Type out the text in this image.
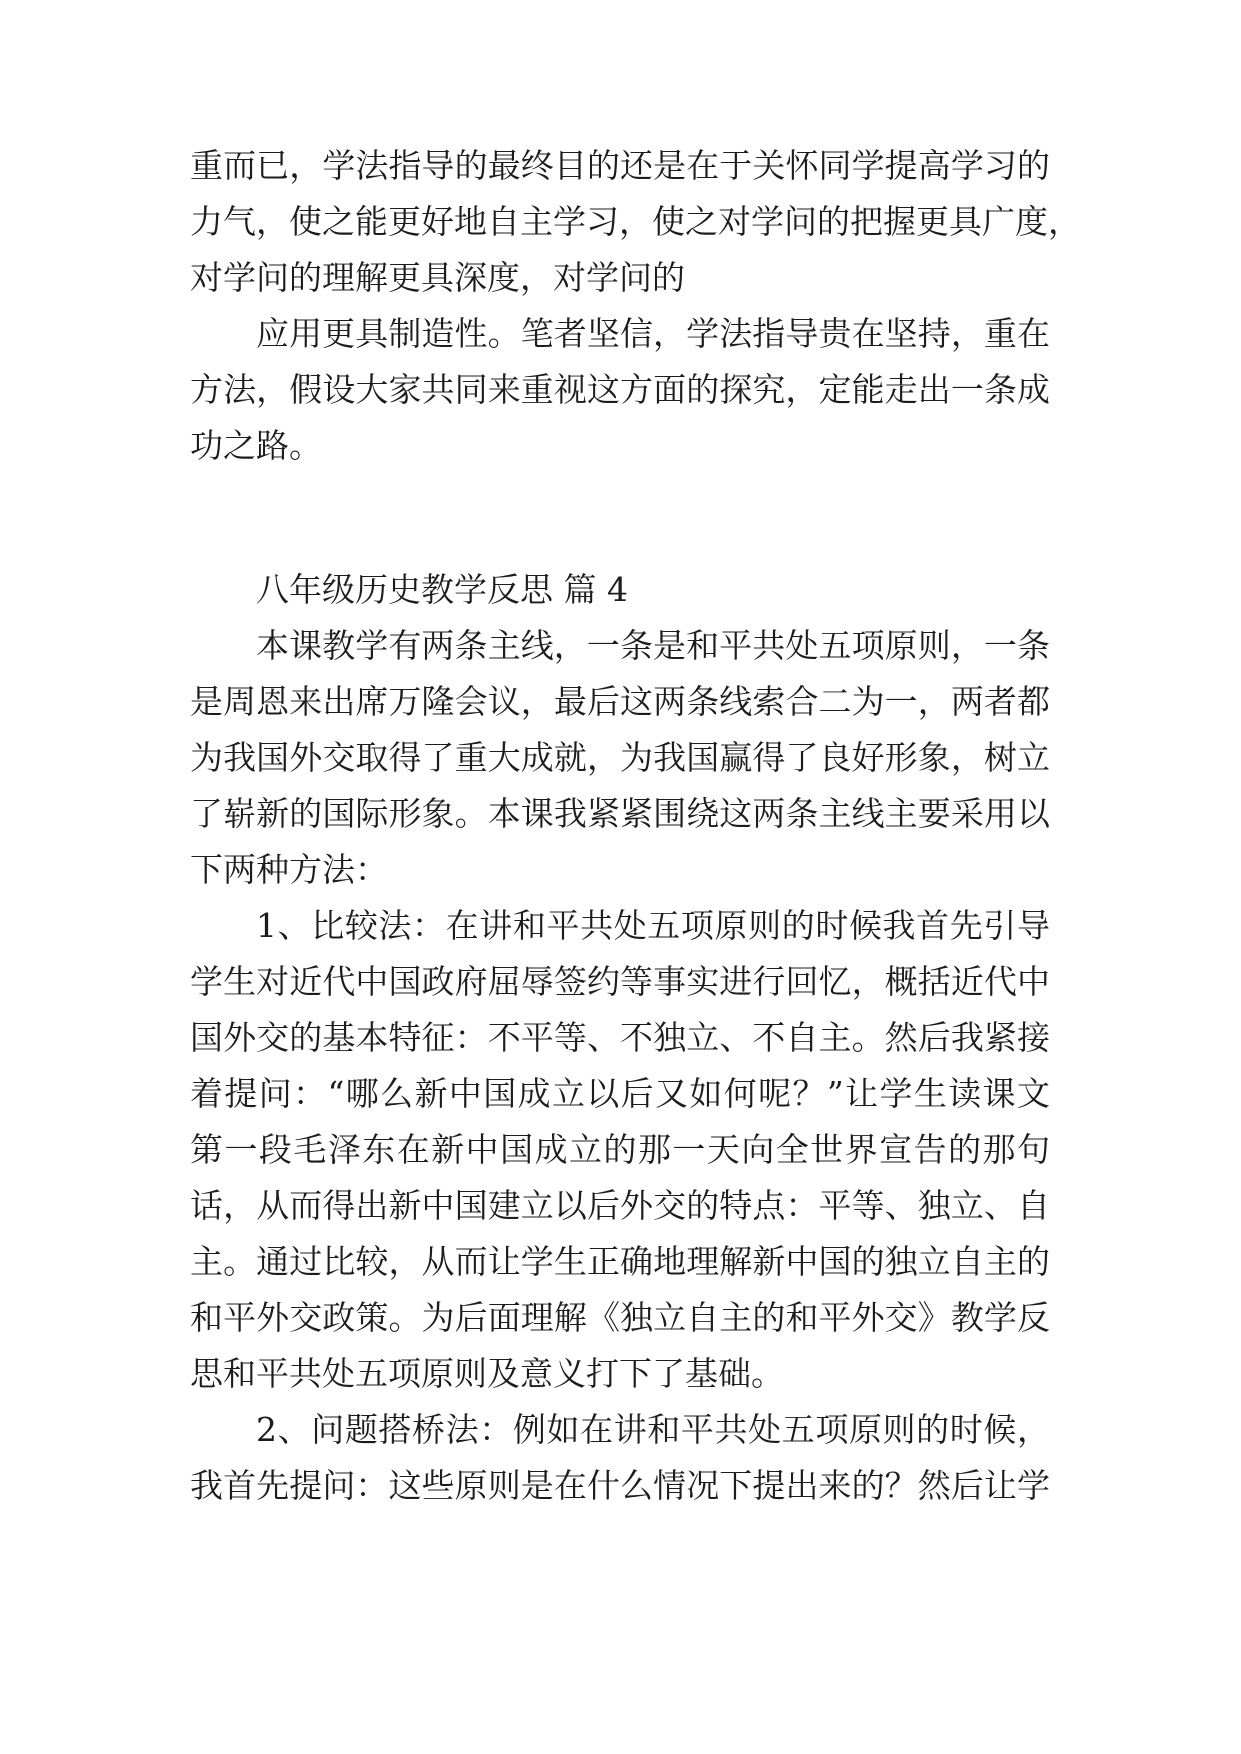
重而已，学法指导的最终目的还是在于关怀同学提高学习的
力气，使之能更好地自主学习，使之对学问的把握更具广度，
对学问的理解更具深度，对学问的
应用更具制造性。笔者坚信，学法指导贵在坚持，重在
方法，假设大家共同来重视这方面的探究，定能走出一条成
功之路。
八年级历史教学反思 篇 4
本课教学有两条主线，一条是和平共处五项原则，一条
是周恩来出席万隆会议，最后这两条线索合二为一，两者都
为我国外交取得了重大成就，为我国赢得了良好形象，树立
了崭新的国际形象。本课我紧紧围绕这两条主线主要采用以
下两种方法：
1、比较法：在讲和平共处五项原则的时候我首先引导
学生对近代中国政府屈辱签约等事实进行回忆，概括近代中
国外交的基本特征：不平等、不独立、不自主。然后我紧接
着提问：“哪么新中国成立以后又如何呢？”让学生读课文
第一段毛泽东在新中国成立的那一天向全世界宣告的那句
话，从而得出新中国建立以后外交的特点：平等、独立、自
主。通过比较，从而让学生正确地理解新中国的独立自主的
和平外交政策。为后面理解《独立自主的和平外交》教学反
思和平共处五项原则及意义打下了基础。
2、问题搭桥法：例如在讲和平共处五项原则的时候，
我首先提问：这些原则是在什么情况下提出来的？然后让学
